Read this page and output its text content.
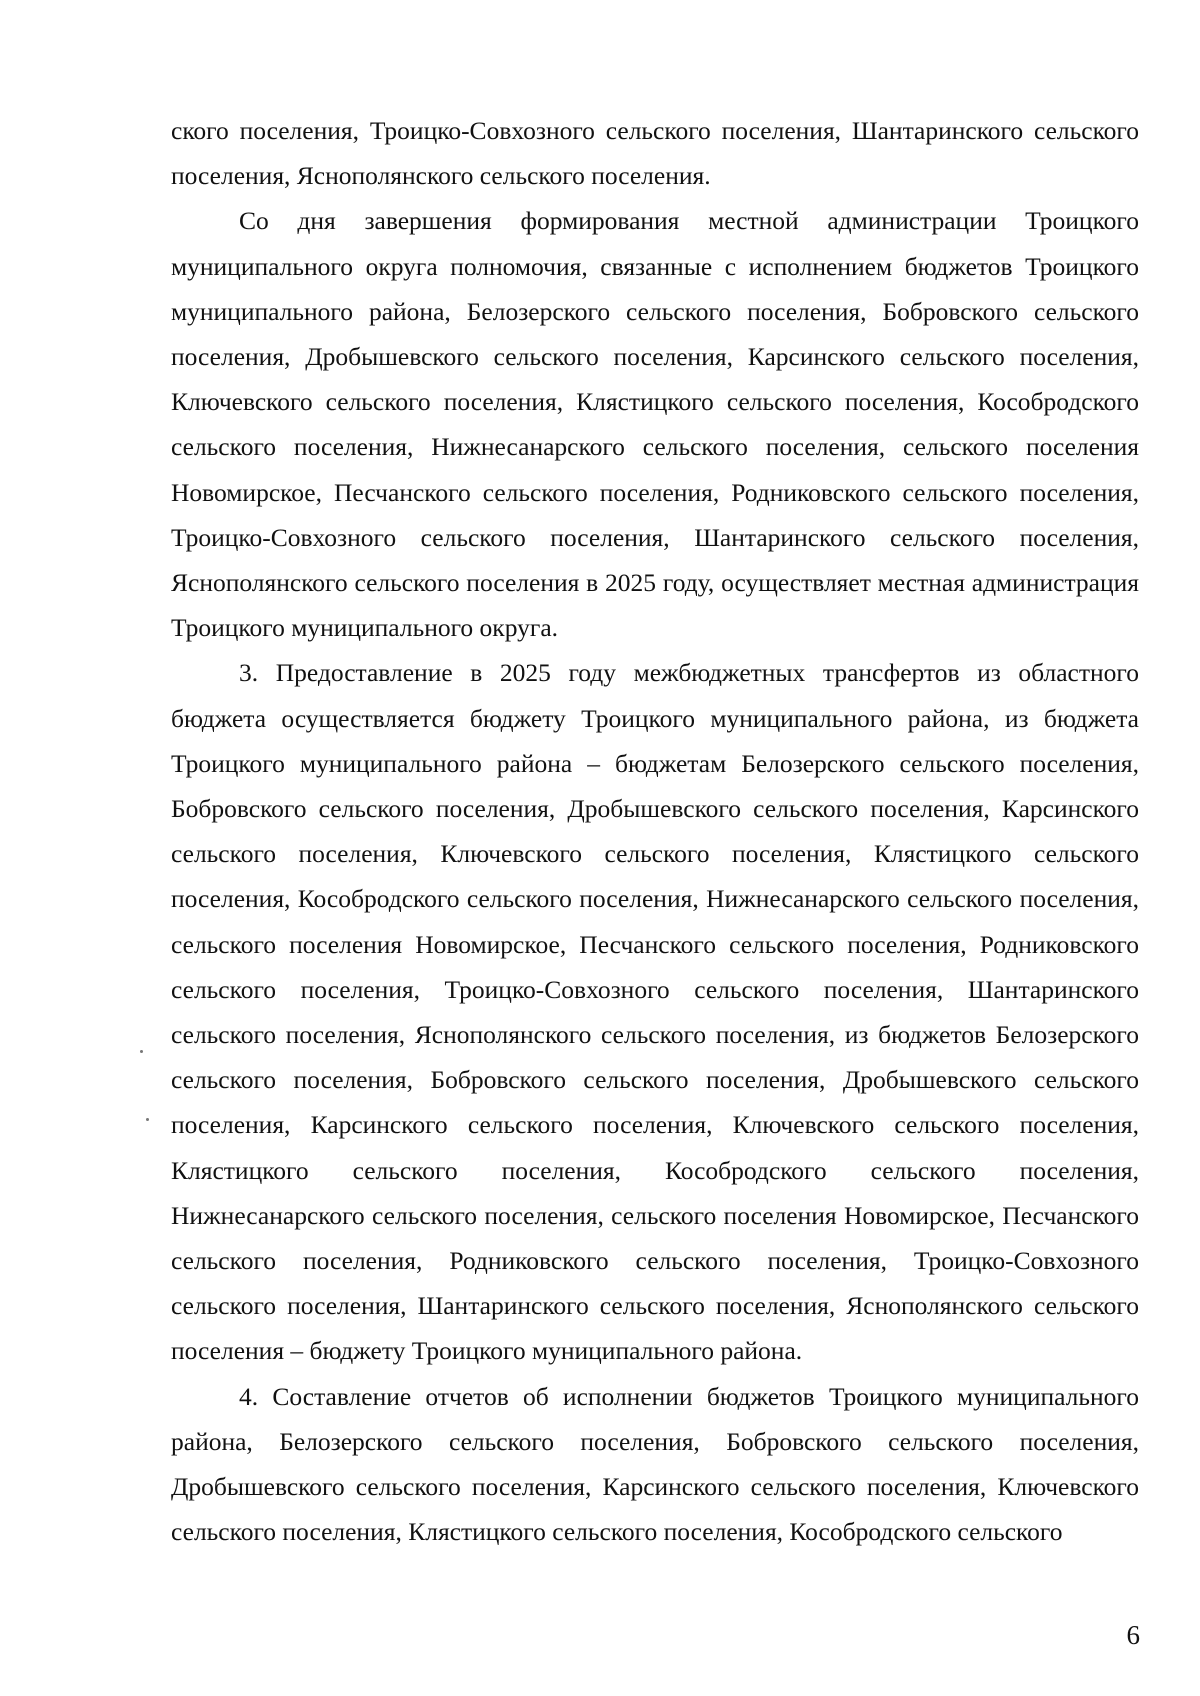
ского поселения, Троицко-Совхозного сельского поселения, Шантаринского сельского поселения, Яснополянского сельского поселения.

Со дня завершения формирования местной администрации Троицкого муниципального округа полномочия, связанные с исполнением бюджетов Троицкого муниципального района, Белозерского сельского поселения, Бобровского сельского поселения, Дробышевского сельского поселения, Карсинского сельского поселения, Ключевского сельского поселения, Клястицкого сельского поселения, Кособродского сельского поселения, Нижнесанарского сельского поселения, сельского поселения Новомирское, Песчанского сельского поселения, Родниковского сельского поселения, Троицко-Совхозного сельского поселения, Шантаринского сельского поселения, Яснополянского сельского поселения в 2025 году, осуществляет местная администрация Троицкого муниципального округа.

3. Предоставление в 2025 году межбюджетных трансфертов из областного бюджета осуществляется бюджету Троицкого муниципального района, из бюджета Троицкого муниципального района – бюджетам Белозерского сельского поселения, Бобровского сельского поселения, Дробышевского сельского поселения, Карсинского сельского поселения, Ключевского сельского поселения, Клястицкого сельского поселения, Кособродского сельского поселения, Нижнесанарского сельского поселения, сельского поселения Новомирское, Песчанского сельского поселения, Родниковского сельского поселения, Троицко-Совхозного сельского поселения, Шантаринского сельского поселения, Яснополянского сельского поселения, из бюджетов Белозерского сельского поселения, Бобровского сельского поселения, Дробышевского сельского поселения, Карсинского сельского поселения, Ключевского сельского поселения, Клястицкого сельского поселения, Кособродского сельского поселения, Нижнесанарского сельского поселения, сельского поселения Новомирское, Песчанского сельского поселения, Родниковского сельского поселения, Троицко-Совхозного сельского поселения, Шантаринского сельского поселения, Яснополянского сельского поселения – бюджету Троицкого муниципального района.

4. Составление отчетов об исполнении бюджетов Троицкого муниципального района, Белозерского сельского поселения, Бобровского сельского поселения, Дробышевского сельского поселения, Карсинского сельского поселения, Ключевского сельского поселения, Клястицкого сельского поселения, Кособродского сельского

6
